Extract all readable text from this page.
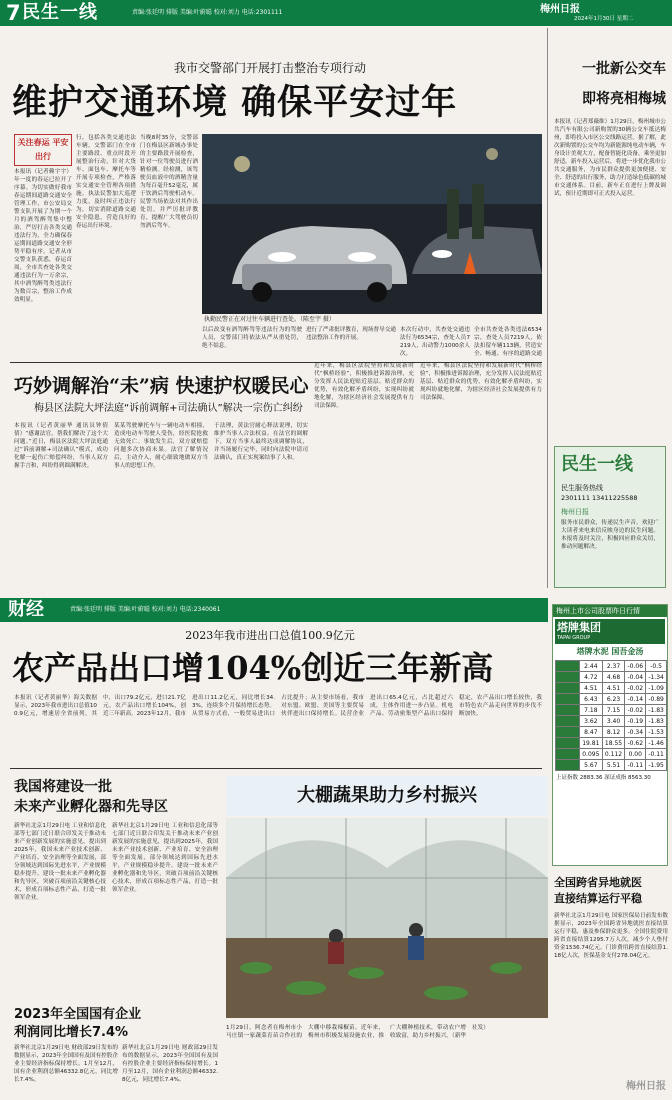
7 民生一线	责编:张廷明 排版 美编:叶蔚聪 校对:刘力 电话:2301111	梅州日报
2024年1月30日 星期二
我市交警部门开展打击整治专项行动
维护交通环境 确保平安过年
关注春运 平安出行
本报讯（记者赖宇宇）年一度的春运已拉开了序幕。为切实做好我市春运期间道路交通安全管理工作，市公安局交警支队开展了为期一个月的酒驾醉驾集中整治，严厉打击各类交通违法行为，全力确保春运期间道路交通安全形势平稳有序。记者从市交警支队获悉，春运首周，全市共查处各类交通违法行为一万余宗，其中酒驾醉驾类违法行为数百宗，整治工作成效明显。
行，包括各类交通违法车辆。交警部门在全市主要路段、重点时段开展整治行动，针对大货车、面包车、摩托车等开展专项检查，严格落实交通安全管理各项措施。执法民警加大巡逻力度，及时纠正违法行为，切实消除道路交通安全隐患，营造良好的春运出行环境。
当晚8时35分，交警部门在梅县区新城办事处的主要路段开展检查，针对一位驾驶员进行酒精检测。经检测，该驾驶员血液中的酒精含量为每百毫升52毫克，属于饮酒后驾驶机动车。民警当场依法对其作出处罚，并严厉批评教育，提醒广大驾驶员切勿酒后驾车。
执勤民警正在对过往车辆进行查处。（陈至宇 摄）
以后改变有酒驾醉驾等违法行为的驾驶人员，交警部门将依法从严从重处罚，绝不姑息。
进行了严肃批评教育，现场督导交通违法整治工作的开展。
本次行动中，共查处交通违法行为6534宗，查处人员7219人，出动警力1000余人次。
全市共查处各类违法6534宗，查处人员7219人，依法扣留车辆113辆，营造安全、畅通、有序的道路交通
一批新公交车
即将亮相梅城
本报讯（记者郑薇维）1月29日，梅州城市公共汽车有限公司新购置的30辆公交车抵达梅州，即将投入市区公交线路运营。据了解，此次新购置的公交车均为新能源纯电动车辆，车身设计美观大方，配备智能化设备，乘坐更加舒适。新车投入运营后，将进一步优化我市公共交通服务，为市民群众提供更加便捷、安全、舒适的出行服务，助力打造绿色低碳的城市交通体系。目前，新车正在进行上牌及调试，预计近期即可正式投入运营。
巧妙调解治“未”病 快速护权暖民心
梅县区法院大坪法庭“诉前调解+司法确认”解决一宗伤亡纠纷
本报讯（记者黄丽华 通讯员钟倩倩）“感谢法官，帮我们解决了这个大问题。”近日，梅县区法院大坪法庭通过“诉前调解+司法确认”模式，成功化解一起伤亡赔偿纠纷，当事人双方握手言和，纠纷得到圆满解决。
某某驾驶摩托车与一辆电动车相撞，造成电动车驾驶人受伤，经医院抢救无效死亡。事故发生后，双方就赔偿问题多次协商未果。法官了解情况后，主动介入，耐心细致地做双方当事人的思想工作。
于法理，黄法官耐心释法说理，切实维护当事人合法权益。在法官的调解下，双方当事人最终达成调解协议，并当场履行完毕，同时向法院申请司法确认，真正实现案结事了人和。
近年来，梅县区法院坚持和发展新时代“枫桥经验”，积极推进诉源治理，充分发挥人民法庭贴近基层、贴近群众的优势，有效化解矛盾纠纷，实现纠纷就地化解，为辖区经济社会发展提供有力司法保障。
近年来，梅县区法院坚持和发展新时代“枫桥经验”，积极推进诉源治理，充分发挥人民法庭贴近基层、贴近群众的优势，有效化解矛盾纠纷，实现纠纷就地化解，为辖区经济社会发展提供有力司法保障。
民生一线
民生服务热线
2301111 13411225588
梅州日报
服务市民群众，传递民生声音，欢迎广大读者来电来信反映身边的民生问题。本报将及时关注，积极回应群众关切，推动问题解决。
财经	责编:张廷明 排版 美编:叶蔚聪 校对:刘力 电话:2340061
2023年我市进出口总值100.9亿元
农产品出口增104%创近三年新高
本报讯（记者黄丽华）海关数据显示，2023年我市进出口总值100.9亿元，增速居全省前列。其中，出口79.2亿元，进口21.7亿元。农产品出口增长104%，创近三年新高。2023年12月，我市进出口11.2亿元，同比增长34.3%，连续多个月保持增长态势。从贸易方式看，一般贸易进出口占比提升；从主要市场看，我市对东盟、欧盟、美国等主要贸易伙伴进出口保持增长。民营企业进出口65.4亿元，占比超过六成，主体作用进一步凸显。机电产品、劳动密集型产品出口保持稳定，农产品出口增长较快，我市特色农产品走向世界的步伐不断加快。
梅州上市公司股票昨日行情
塔牌集团
TAPAI GROUP
塔牌水泥 国吾金汤
	2.44	2.37	-0.06	-0.5
	4.72	4.68	-0.04	-1.34
	4.51	4.51	-0.02	-1.09
	6.43	6.23	-0.14	-0.89
	7.18	7.15	-0.02	-1.83
	3.62	3.40	-0.19	-1.83
	8.47	8.12	-0.34	-1.53
	19.81	18.55	-0.62	-1.46
	0.095	0.112	0.00	-0.11
	5.67	5.51	-0.11	-1.95
上证指数 2883.36 深证成指 8563.30
我国将建设一批
未来产业孵化器和先导区
新华社北京1月29日电 工业和信息化部等七部门近日联合印发关于推动未来产业创新发展的实施意见，提出到2025年，我国未来产业技术创新、产业培育、安全治理等全面发展，部分领域达到国际先进水平，产业规模稳步提升。建设一批未来产业孵化器和先导区，突破百项前沿关键核心技术，形成百项标志性产品，打造一批领军企业。
新华社北京1月29日电 工业和信息化部等七部门近日联合印发关于推动未来产业创新发展的实施意见，提出到2025年，我国未来产业技术创新、产业培育、安全治理等全面发展，部分领域达到国际先进水平，产业规模稳步提升。建设一批未来产业孵化器和先导区，突破百项前沿关键核心技术，形成百项标志性产品，打造一批领军企业。
2023年全国国有企业
利润同比增长7.4%
新华社北京1月29日电 财政部29日发布的数据显示，2023年全国国有及国有控股企业主要经济指标保持增长。1月至12月，国有企业利润总额46332.8亿元，同比增长7.4%。
新华社北京1月29日电 财政部29日发布的数据显示，2023年全国国有及国有控股企业主要经济指标保持增长。1月至12月，国有企业利润总额46332.8亿元，同比增长7.4%。
大棚蔬果助力乡村振兴
1月29日，阿念者在梅州市小马庄镇一家蔬菜育苗合作社的大棚中移栽辣椒苗。近年来，梅州市积极发展设施农业，推广大棚种植技术，带动农户增收致富，助力乡村振兴。（新华社发）
全国跨省异地就医
直接结算运行平稳
新华社北京1月29日电 国家医保局日前发布数据显示，2023年全国跨省异地就医直接结算运行平稳，惠及参保群众更多。全国住院费用跨省直接结算1295.7万人次，减少个人垫付资金1536.74亿元。门诊费用跨省直接结算1.18亿人次，医保基金支付278.04亿元。
梅州日报
